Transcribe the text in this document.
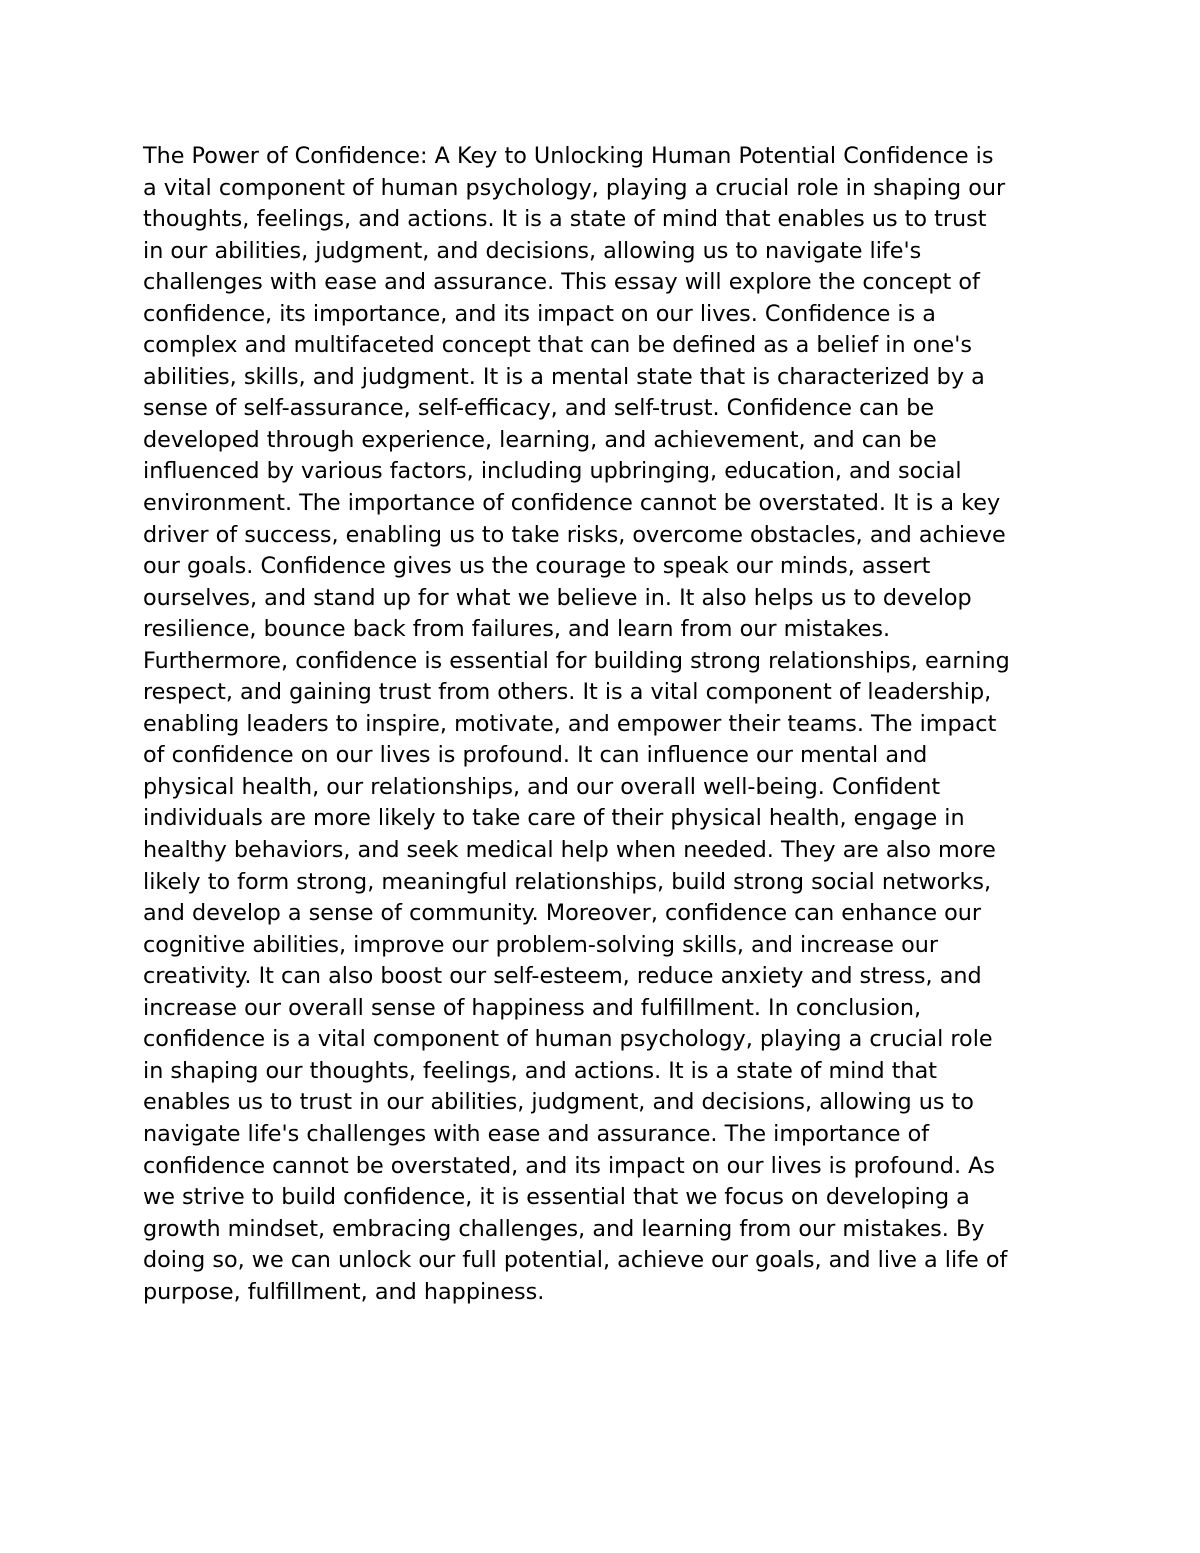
The Power of Confidence: A Key to Unlocking Human Potential Confidence is
a vital component of human psychology, playing a crucial role in shaping our
thoughts, feelings, and actions. It is a state of mind that enables us to trust
in our abilities, judgment, and decisions, allowing us to navigate life's
challenges with ease and assurance. This essay will explore the concept of
confidence, its importance, and its impact on our lives. Confidence is a
complex and multifaceted concept that can be defined as a belief in one's
abilities, skills, and judgment. It is a mental state that is characterized by a
sense of self-assurance, self-efficacy, and self-trust. Confidence can be
developed through experience, learning, and achievement, and can be
influenced by various factors, including upbringing, education, and social
environment. The importance of confidence cannot be overstated. It is a key
driver of success, enabling us to take risks, overcome obstacles, and achieve
our goals. Confidence gives us the courage to speak our minds, assert
ourselves, and stand up for what we believe in. It also helps us to develop
resilience, bounce back from failures, and learn from our mistakes.
Furthermore, confidence is essential for building strong relationships, earning
respect, and gaining trust from others. It is a vital component of leadership,
enabling leaders to inspire, motivate, and empower their teams. The impact
of confidence on our lives is profound. It can influence our mental and
physical health, our relationships, and our overall well-being. Confident
individuals are more likely to take care of their physical health, engage in
healthy behaviors, and seek medical help when needed. They are also more
likely to form strong, meaningful relationships, build strong social networks,
and develop a sense of community. Moreover, confidence can enhance our
cognitive abilities, improve our problem-solving skills, and increase our
creativity. It can also boost our self-esteem, reduce anxiety and stress, and
increase our overall sense of happiness and fulfillment. In conclusion,
confidence is a vital component of human psychology, playing a crucial role
in shaping our thoughts, feelings, and actions. It is a state of mind that
enables us to trust in our abilities, judgment, and decisions, allowing us to
navigate life's challenges with ease and assurance. The importance of
confidence cannot be overstated, and its impact on our lives is profound. As
we strive to build confidence, it is essential that we focus on developing a
growth mindset, embracing challenges, and learning from our mistakes. By
doing so, we can unlock our full potential, achieve our goals, and live a life of
purpose, fulfillment, and happiness.
